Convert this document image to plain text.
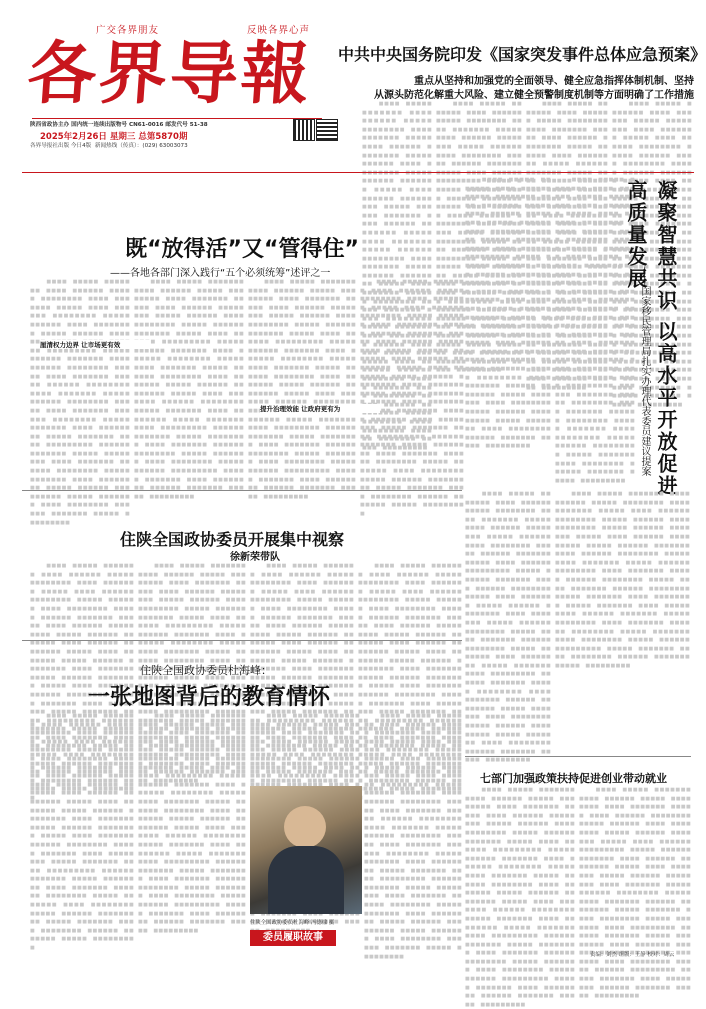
广交各界朋友	反映各界心声
各界导報
陕西省政协主办 国内统一连续出版物号 CN61-0016 邮发代号 51-38
2025年2月26日 星期三 总第5870期
各界导报社出版 今日4版 新闻热线（传真）：(029) 63003073
中共中央国务院印发《国家突发事件总体应急预案》
重点从坚持和加强党的全面领导、健全应急指挥体制机制、坚持
从源头防范化解重大风险、建立健全预警制度机制等方面明确了工作措施
　　　■■■■　■■■■■　■■■■■■■　■■■■　■■■■■■　■■■■■　■■■■■■■■　■■■■　■■■■■■■　■■■■■　■■■■　■■■■■■　■■■■■■■■　■■■■■　■■■■■■　■■■■　■■■■■■■■　■■■■■　■■■■■■　■■■■■■■　■■■■■　■■■■　■■■■■■　■■■■■■■■■　■■■■■　■■■■■■　■■■■■■■　■■■■　■■■■■■　■■■■■■■■　■■■■■　■■■■　■■■■■■■　■■■■■　■■■■■■　■■■■■■■■　■■■■　■■■■■■■　■■■■■　■■■■■■　■■■■■■■■　■■■■■　■■■■　■■■■■■■　■■■■■■　■■■■■■■■　■■■■■　■■■■■■■　■■■■　■■■■■■■■　■■■■■　■■■■■■■　■■■■　■■■■■■■■■　■■■■■■　■■■■■■■　■■■■■　■■■■■■■■　■■■■　■■■■■■■　■■■■■■　■■■■■■■■　■■■■■　■■■■■■■　■■■■　■■■■■■■■　■■■■■　■■■■■■　■■■■■■■■■　■■■■■　■■■■■■■　■■■■　■■■■■■■■　■■■■■■　■■■■■■■　■■■■■　■■■■■■■■■
　　　■■■■　■■■■■　■■■■■■■　■■■■　■■■■■■　■■■■■　■■■■■■■■　■■■■　■■■■■■■　■■■■■　■■■■　■■■■■■　■■■■■■■■　■■■■■　■■■■■■　■■■■　■■■■■■■■　■■■■■　■■■■■■　■■■■■■■　■■■■■　■■■■　■■■■■■　■■■■■■■■■　■■■■■　■■■■■■　■■■■■■■　■■■■　■■■■■■　■■■■■■■■　■■■■■　■■■■　■■■■■■■　■■■■■　■■■■■■　■■■■■■■■　■■■■　■■■■■■■　■■■■■　■■■■■■　■■■■■■■■　■■■■■　■■■■　■■■■■■■　■■■■■■　■■■■■■■■　■■■■■　■■■■■■■　■■■■　■■■■■■■■　■■■■■　■■■■■■■　■■■■　■■■■■■■■■　■■■■■■　■■■■■■■　■■■■■　■■■■■■■■　■■■■　■■■■■■■　■■■■■■　■■■■■■■■　■■■■■　■■■■■■■　■■■■　■■■■■■■■　■■■■■　■■■■■■　■■■■■■■■■　■■■■■　■■■■■■■　■■■■　■■■■■■■■　■■■■■■　■■■■■■■　■■■■■　■■■■■■■■■
　　　■■■■　■■■■■　■■■■■■■　■■■■　■■■■■■　■■■■■　■■■■■■■■　■■■■　■■■■■■■　■■■■■　■■■■　■■■■■■　■■■■■■■■　■■■■■　■■■■■■　■■■■　■■■■■■■■　■■■■■　■■■■■■　■■■■■■■　■■■■■　■■■■　■■■■■■　■■■■■■■■■　■■■■■　■■■■■■　■■■■■■■　■■■■　■■■■■■　■■■■■■■■　■■■■■　■■■■　■■■■■■■　■■■■■　■■■■■■　■■■■■■■■　■■■■　■■■■■■■　■■■■■　■■■■■■　■■■■■■■■　■■■■■　■■■■　■■■■■■■　■■■■■■　■■■■■■■■　■■■■■　■■■■■■■　■■■■　■■■■■■■■　■■■■■　■■■■■■■　■■■■　■■■■■■■■■　■■■■■■　■■■■■■■　■■■■■　■■■■■■■■　■■■■　■■■■■■■　■■■■■■　■■■■■■■■　■■■■■　■■■■■■■　■■■■　■■■■■■■■　■■■■■　■■■■■■　■■■■■■■■■　■■■■■　■■■■■■■　■■■■　■■■■■■■■　■■■■■■　■■■■■■■　■■■■■　■■■■■■■■■
　　　■■■■　■■■■■　■■■■■■■　■■■■　■■■■■■　■■■■■　■■■■■■■■　■■■■　■■■■■■■　■■■■■　■■■■　■■■■■■　■■■■■■■■　■■■■■　■■■■■■　■■■■　■■■■■■■■　■■■■■　■■■■■■　■■■■■■■　■■■■■　■■■■　■■■■■■　■■■■■■■■■　■■■■■　■■■■■■　■■■■■■■　■■■■　■■■■■■　■■■■■■■■　■■■■■　■■■■　■■■■■■■　■■■■■　■■■■■■　■■■■■■■■　■■■■　■■■■■■■　■■■■■　■■■■■■　■■■■■■■■　■■■■■　■■■■　■■■■■■■　■■■■■■　■■■■■■■■　■■■■■　■■■■■■■　■■■■　■■■■■■■■　■■■■■　■■■■■■■　■■■■　■■■■■■■■■　■■■■■■　■■■■■■■　■■■■■　■■■■■■■■　■■■■　■■■■■■■　■■■■■■　■■■■■■■■　■■■■■　■■■■■■■　■■■■　■■■■■■■■　■■■■■　■■■■■■　■■■■■■■■■　■■■■■　■■■■■■■　■■■■　■■■■■■■■　■■■■■■　■■■■■■■　■■■■■　■■■■■■■■■
既“放得活”又“管得住”
——各地各部门深入践行“五个必须统筹”述评之一
　　　■■■■　■■■■■　■■■■■■■　■■■■　■■■■■■　■■■■■　■■■■■■■■　■■■■　■■■■■■■　■■■■■　■■■■　■■■■■■　■■■■■■■■　■■■■■　■■■■■■　■■■■　■■■■■■■■　■■■■■　■■■■■■　■■■■■■■　■■■■■　■■■■　■■■■■■　■■■■■■■■■　■■■■■　■■■■■■　■■■■■■■　■■■■　■■■■■■　■■■■■■■■　■■■■■　■■■■　■■■■■■■　■■■■■　■■■■■■　■■■■■■■■　■■■■　■■■■■■■　■■■■■　■■■■■■　■■■■■■■■　■■■■■　■■■■　■■■■■■■　■■■■■■　■■■■■■■■　■■■■■　■■■■■■■　■■■■　■■■■■■■■　■■■■■　■■■■■■■　■■■■　■■■■■■■■■　■■■■■■　■■■■■■■　■■■■■　■■■■■■■■　■■■■　■■■■■■■　■■■■■■　■■■■■■■■　■■■■■　■■■■■■■　■■■■　■■■■■■■■　■■■■■　■■■■■■　■■■■■■■■■　■■■■■　■■■■■■■　■■■■　■■■■■■■■　■■■■■■　■■■■■■■　■■■■■　■■■■■■■■■
　　　■■■■　■■■■■　■■■■■■■　■■■■　■■■■■■　■■■■■　■■■■■■■■　■■■■　■■■■■■■　■■■■■　■■■■　■■■■■■　■■■■■■■■　■■■■■　■■■■■■　■■■■　■■■■■■■■　■■■■■　■■■■■■　■■■■■■■　■■■■■　■■■■　■■■■■■　■■■■■■■■■　■■■■■　■■■■■■　■■■■■■■　■■■■　■■■■■■　■■■■■■■■　■■■■■　■■■■　■■■■■■■　■■■■■　■■■■■■　■■■■■■■■　■■■■　■■■■■■■　■■■■■　■■■■■■　■■■■■■■■　■■■■■　■■■■　■■■■■■■　■■■■■■　■■■■■■■■　■■■■■　■■■■■■■　■■■■　■■■■■■■■　■■■■■　■■■■■■■　■■■■　■■■■■■■■■　■■■■■■　■■■■■■■　■■■■■　■■■■■■■■　■■■■　■■■■■■■　■■■■■■　■■■■■■■■　■■■■■　■■■■■■■　■■■■　■■■■■■■■　■■■■■　■■■■■■　■■■■■■■■■　■■■■■　■■■■■■■　■■■■　■■■■■■■■　■■■■■■　■■■■■■■　■■■■■　■■■■■■■■■
　　　■■■■　■■■■■　■■■■■■■　■■■■　■■■■■■　■■■■■　■■■■■■■■　■■■■　■■■■■■■　■■■■■　■■■■　■■■■■■　■■■■■■■■　■■■■■　■■■■■■　■■■■　■■■■■■■■　■■■■■　■■■■■■　■■■■■■■　■■■■■　■■■■　■■■■■■　■■■■■■■■■　■■■■■　■■■■■■　■■■■■■■　■■■■　■■■■■■　■■■■■■■■　■■■■■　■■■■　■■■■■■■　■■■■■　■■■■■■　■■■■■■■■　■■■■　■■■■■■■　■■■■■　■■■■■■　■■■■■■■■　■■■■■　■■■■　■■■■■■■　■■■■■■　■■■■■■■■　■■■■■　■■■■■■■　■■■■　■■■■■■■■　■■■■■　■■■■■■■　■■■■　■■■■■■■■■　■■■■■■　■■■■■■■　■■■■■　■■■■■■■■　■■■■　■■■■■■■　■■■■■■　■■■■■■■■　■■■■■　■■■■■■■　■■■■　■■■■■■■■　■■■■■　■■■■■■　■■■■■■■■■　■■■■■　■■■■■■■　■■■■　■■■■■■■■　■■■■■■　■■■■■■■　■■■■■　■■■■■■■■■
　　　■■■■　■■■■■　■■■■■■■　■■■■　■■■■■■　■■■■■　■■■■■■■■　■■■■　■■■■■■■　■■■■■　■■■■　■■■■■■　■■■■■■■■　■■■■■　■■■■■■　■■■■　■■■■■■■■　■■■■■　■■■■■■　■■■■■■■　■■■■■　■■■■　■■■■■■　■■■■■■■■■　■■■■■　■■■■■■　■■■■■■■　■■■■　■■■■■■　■■■■■■■■　■■■■■　■■■■　■■■■■■■　■■■■■　■■■■■■　■■■■■■■■　■■■■　■■■■■■■　■■■■■　■■■■■■　■■■■■■■■　■■■■■　■■■■　■■■■■■■　■■■■■■　■■■■■■■■　■■■■■　■■■■■■■　■■■■　■■■■■■■■　■■■■■　■■■■■■■　■■■■　■■■■■■■■■　■■■■■■　■■■■■■■　■■■■■　■■■■■■■■　■■■■　■■■■■■■　■■■■■■　■■■■■■■■　■■■■■　■■■■■■■　■■■■　■■■■■■■■　■■■■■　■■■■■■　■■■■■■■■■　■■■■■　■■■■■■■　■■■■　■■■■■■■■　■■■■■■　■■■■■■■　■■■■■　■■■■■■■■■
提升治理效能 让政府更有为
厘清权力边界 让市场更有效 　　　■■■■　■■■■■　■■■■■■■　■■■■　■■■■■■　■■■■■　■■■■■■■■　■■■■　■■■■■■■　■■■■■　■■■■　■■■■■■　■■■■■■■■　■■■■■　■■■■■■　■■■■　■■■■■■■■　■■■■■　■■■■■■　■■■■■■■　■■■■■　■■■■　■■■■■■　■■■■■■■■■　■■■■■　■■■■■■　■■■■■■■　■■■■　■■■■■■　■■■■■■■■　■■■■■　■■■■　■■■■■■■　■■■■■　■■■■■■　■■■■■■■■　■■■■　■■■■■■■　■■■■■　■■■■■■　■■■■■■■■　■■■■■　■■■■　■■■■■■■　■■■■■■　■■■■■■■■　■■■■■　■■■■■■■　■■■■　■■■■■■■■　■■■■■　■■■■■■■　■■■■　■■■■■■■■■　■■■■■■　■■■■■■■　■■■■■　■■■■■■■■　■■■■　■■■■■■■　■■■■■■　■■■■■■■■　■■■■■　■■■■■■■　■■■■　■■■■■■■■　■■■■■　■■■■■■　■■■■■■■■■　■■■■■　■■■■■■■　■■■■　■■■■■■■■　■■■■■■　■■■■■■■　■■■■■　■■■■■■■■■ 　　　■■■■　■■■■■　■■■■■■■　■■■■　■■■■■■　■■■■■　■■■■■■■■　■■■■　■■■■■■■　■■■■■　■■■■　■■■■■■　■■■■■■■■　■■■■■　■■■■■■　■■■■　■■■■■■■■　■■■■■　■■■■■■　■■■■■■■　■■■■■　■■■■　■■■■■■　■■■■■■■■■　■■■■■　■■■■■■　■■■■■■■　■■■■　■■■■■■　■■■■■■■■　■■■■■　■■■■　■■■■■■■　■■■■■　■■■■■■　■■■■■■■■　■■■■　■■■■■■■　■■■■■　■■■■■■　■■■■■■■■　■■■■■　■■■■　■■■■■■■　■■■■■■　■■■■■■■■　■■■■■　■■■■■■■　■■■■　■■■■■■■■　■■■■■　■■■■■■■　■■■■　■■■■■■■■■　■■■■■■　■■■■■■■　■■■■■　■■■■■■■■　■■■■　■■■■■■■　■■■■■■　■■■■■■■■　■■■■■　■■■■■■■　■■■■　■■■■■■■■　■■■■■　■■■■■■　■■■■■■■■■　■■■■■　■■■■■■■　■■■■　■■■■■■■■　■■■■■■　■■■■■■■　■■■■■　■■■■■■■■■	凝聚智慧共识 以高水平开放促进高质量发展
——国家移民管理局扎实办理代表委员建议提案
　　　■■■■　■■■■■　■■■■■■■　■■■■　■■■■■■　■■■■■　■■■■■■■■　■■■■　■■■■■■■　■■■■■　■■■■　■■■■■■　■■■■■■■■　■■■■■　■■■■■■　■■■■　■■■■■■■■　■■■■■　■■■■■■　■■■■■■■　■■■■■　■■■■　■■■■■■　■■■■■■■■■　■■■■■　■■■■■■　■■■■■■■　■■■■　■■■■■■　■■■■■■■■　■■■■■　■■■■　■■■■■■■　■■■■■　■■■■■■　■■■■■■■■　■■■■　■■■■■■■　■■■■■　■■■■■■　■■■■■■■■　■■■■■　■■■■　■■■■■■■　■■■■■■　■■■■■■■■　■■■■■　■■■■■■■　■■■■　■■■■■■■■　■■■■■　■■■■■■■　■■■■　■■■■■■■■■　■■■■■■　■■■■■■■　■■■■■　■■■■■■■■　■■■■　■■■■■■■　■■■■■■　■■■■■■■■　■■■■■　■■■■■■■　■■■■　■■■■■■■■　■■■■■　■■■■■■　■■■■■■■■■　■■■■■　■■■■■■■　■■■■　■■■■■■■■　■■■■■■　■■■■■■■　■■■■■　■■■■■■■■■
　　　■■■■　■■■■■　■■■■■■■　■■■■　■■■■■■　■■■■■　■■■■■■■■　■■■■　■■■■■■■　■■■■■　■■■■　■■■■■■　■■■■■■■■　■■■■■　■■■■■■　■■■■　■■■■■■■■　■■■■■　■■■■■■　■■■■■■■　■■■■■　■■■■　■■■■■■　■■■■■■■■■　■■■■■　■■■■■■　■■■■■■■　■■■■　■■■■■■　■■■■■■■■　■■■■■　■■■■　■■■■■■■　■■■■■　■■■■■■　■■■■■■■■　■■■■　■■■■■■■　■■■■■　■■■■■■　■■■■■■■■　■■■■■　■■■■　■■■■■■■　■■■■■■　■■■■■■■■　■■■■■　■■■■■■■　■■■■　■■■■■■■■　■■■■■　■■■■■■■　■■■■　■■■■■■■■■　■■■■■■　■■■■■■■　■■■■■　■■■■■■■■　■■■■　■■■■■■■　■■■■■■　■■■■■■■■　■■■■■　■■■■■■■　■■■■　■■■■■■■■　■■■■■　■■■■■■　■■■■■■■■■　■■■■■　■■■■■■■　■■■■　■■■■■■■■　■■■■■■　■■■■■■■　■■■■■　■■■■■■■■■
住陕全国政协委员开展集中视察
徐新荣带队
　　　■■■■　■■■■■　■■■■■■■　■■■■　■■■■■■　■■■■■　■■■■■■■■　■■■■　■■■■■■■　■■■■■　■■■■　■■■■■■　■■■■■■■■　■■■■■　■■■■■■　■■■■　■■■■■■■■　■■■■■　■■■■■■　■■■■■■■　■■■■■　■■■■　■■■■■■　■■■■■■■■■　■■■■■　■■■■■■　■■■■■■■　■■■■　■■■■■■　■■■■■■■■　■■■■■　■■■■　■■■■■■■　■■■■■　■■■■■■　■■■■■■■■　■■■■　■■■■■■■　■■■■■　■■■■■■　■■■■■■■■　■■■■■　■■■■　■■■■■■■　■■■■■■　■■■■■■■■　■■■■■　■■■■■■■　■■■■　■■■■■■■■　■■■■■　■■■■■■■　■■■■　■■■■■■■■■　■■■■■■　■■■■■■■　■■■■■　■■■■■■■■　■■■■　■■■■■■■　■■■■■■　■■■■■■■■　■■■■■　■■■■■■■　■■■■　■■■■■■■■　■■■■■　■■■■■■　■■■■■■■■■　■■■■■　■■■■■■■　■■■■　■■■■■■■■　■■■■■■　■■■■■■■　■■■■■　■■■■■■■■■
　　　■■■■　■■■■■　■■■■■■■　■■■■　■■■■■■　■■■■■　■■■■■■■■　■■■■　■■■■■■■　■■■■■　■■■■　■■■■■■　■■■■■■■■　■■■■■　■■■■■■　■■■■　■■■■■■■■　■■■■■　■■■■■■　■■■■■■■　■■■■■　■■■■　■■■■■■　■■■■■■■■■　■■■■■　■■■■■■　■■■■■■■　■■■■　■■■■■■　■■■■■■■■　■■■■■　■■■■　■■■■■■■　■■■■■　■■■■■■　■■■■■■■■　■■■■　■■■■■■■　■■■■■　■■■■■■　■■■■■■■■　■■■■■　■■■■　■■■■■■■　■■■■■■　■■■■■■■■　■■■■■　■■■■■■■　■■■■　■■■■■■■■　■■■■■　■■■■■■■　■■■■　■■■■■■■■■　■■■■■■　■■■■■■■　■■■■■　■■■■■■■■　■■■■　■■■■■■■　■■■■■■　■■■■■■■■　■■■■■　■■■■■■■　■■■■　■■■■■■■■　■■■■■　■■■■■■　■■■■■■■■■　■■■■■　■■■■■■■　■■■■　■■■■■■■■　■■■■■■　■■■■■■■　■■■■■　■■■■■■■■■
　　　■■■■　■■■■■　■■■■■■■　■■■■　■■■■■■　■■■■■　■■■■■■■■　■■■■　■■■■■■■　■■■■■　■■■■　■■■■■■　■■■■■■■■　■■■■■　■■■■■■　■■■■　■■■■■■■■　■■■■■　■■■■■■　■■■■■■■　■■■■■　■■■■　■■■■■■　■■■■■■■■■　■■■■■　■■■■■■　■■■■■■■　■■■■　■■■■■■　■■■■■■■■　■■■■■　■■■■　■■■■■■■　■■■■■　■■■■■■　■■■■■■■■　■■■■　■■■■■■■　■■■■■　■■■■■■　■■■■■■■■　■■■■■　■■■■　■■■■■■■　■■■■■■　■■■■■■■■　■■■■■　■■■■■■■　■■■■　■■■■■■■■　■■■■■　■■■■■■■　■■■■　■■■■■■■■■　■■■■■■　■■■■■■■　■■■■■　■■■■■■■■　■■■■　■■■■■■■　■■■■■■　■■■■■■■■　■■■■■　■■■■■■■　■■■■　■■■■■■■■　■■■■■　■■■■■■　■■■■■■■■■　■■■■■　■■■■■■■　■■■■　■■■■■■■■　■■■■■■　■■■■■■■　■■■■■　■■■■■■■■■
　　　■■■■　■■■■■　■■■■■■■　■■■■　■■■■■■　■■■■■　■■■■■■■■　■■■■　■■■■■■■　■■■■■　■■■■　■■■■■■　■■■■■■■■　■■■■■　■■■■■■　■■■■　■■■■■■■■　■■■■■　■■■■■■　■■■■■■■　■■■■■　■■■■　■■■■■■　■■■■■■■■■　■■■■■　■■■■■■　■■■■■■■　■■■■　■■■■■■　■■■■■■■■　■■■■■　■■■■　■■■■■■■　■■■■■　■■■■■■　■■■■■■■■　■■■■　■■■■■■■　■■■■■　■■■■■■　■■■■■■■■　■■■■■　■■■■　■■■■■■■　■■■■■■　■■■■■■■■　■■■■■　■■■■■■■　■■■■　■■■■■■■■　■■■■■　■■■■■■■　■■■■　■■■■■■■■■　■■■■■■　■■■■■■■　■■■■■　■■■■■■■■　■■■■　■■■■■■■　■■■■■■　■■■■■■■■　■■■■■　■■■■■■■　■■■■　■■■■■■■■　■■■■■　■■■■■■　■■■■■■■■■　■■■■■　■■■■■■■　■■■■　■■■■■■■■　■■■■■■　■■■■■■■　■■■■■　■■■■■■■■■
住陕全国政协委员杜海峰：
一张地图背后的教育情怀
　　　■■■■　■■■■■　■■■■■■■　■■■■　■■■■■■　■■■■■　■■■■■■■■　■■■■　■■■■■■■　■■■■■　■■■■　■■■■■■　■■■■■■■■　■■■■■　■■■■■■　■■■■　■■■■■■■■　■■■■■　■■■■■■　■■■■■■■　■■■■■　■■■■　■■■■■■　■■■■■■■■■　■■■■■　■■■■■■　■■■■■■■　■■■■　■■■■■■　■■■■■■■■　■■■■■　■■■■　■■■■■■■　■■■■■　■■■■■■　■■■■■■■■　■■■■　■■■■■■■　■■■■■　■■■■■■　■■■■■■■■　■■■■■　■■■■　■■■■■■■　■■■■■■　■■■■■■■■　■■■■■　■■■■■■■　■■■■　■■■■■■■■　■■■■■　■■■■■■■　■■■■　■■■■■■■■■　■■■■■■　■■■■■■■　■■■■■　■■■■■■■■　■■■■　■■■■■■■　■■■■■■　■■■■■■■■　■■■■■　■■■■■■■　■■■■　■■■■■■■■　■■■■■　■■■■■■　■■■■■■■■■　■■■■■　■■■■■■■　■■■■　■■■■■■■■　■■■■■■　■■■■■■■　■■■■■　■■■■■■■■■
　　　■■■■　■■■■■　■■■■■■■　■■■■　■■■■■■　■■■■■　■■■■■■■■　■■■■　■■■■■■■　■■■■■　■■■■　■■■■■■　■■■■■■■■　■■■■■　■■■■■■　■■■■　■■■■■■■■　■■■■■　■■■■■■　■■■■■■■　■■■■■　■■■■　■■■■■■　■■■■■■■■■　■■■■■　■■■■■■　■■■■■■■　■■■■　■■■■■■　■■■■■■■■　■■■■■　■■■■　■■■■■■■　■■■■■　■■■■■■　■■■■■■■■　■■■■　■■■■■■■　■■■■■　■■■■■■　■■■■■■■■　■■■■■　■■■■　■■■■■■■　■■■■■■　■■■■■■■■　■■■■■　■■■■■■■　■■■■　■■■■■■■■　■■■■■　■■■■■■■　■■■■　■■■■■■■■■　■■■■■■　■■■■■■■　■■■■■　■■■■■■■■　■■■■　■■■■■■■　■■■■■■　■■■■■■■■　■■■■■　■■■■■■■　■■■■　■■■■■■■■　■■■■■　■■■■■■　■■■■■■■■■　■■■■■　■■■■■■■　■■■■　■■■■■■■■　■■■■■■　■■■■■■■　■■■■■　■■■■■■■■■
　　　■■■■　■■■■■　■■■■■■■　■■■■　■■■■■■　■■■■■　■■■■■■■■　■■■■　■■■■■■■　■■■■■　■■■■　■■■■■■　■■■■■■■■　■■■■■　■■■■■■　■■■■　■■■■■■■■　■■■■■　■■■■■■　■■■■■■■　■■■■■　■■■■　■■■■■■　■■■■■■■■■　■■■■■　■■■■■■　■■■■■■■　■■■■　■■■■■■　■■■■■■■■　■■■■■　■■■■　■■■■■■■　■■■■■　■■■■■■　■■■■■■■■　■■■■　■■■■■■■　■■■■■　■■■■■■　■■■■■■■■　■■■■■　■■■■　■■■■■■■　■■■■■■　■■■■■■■■　■■■■■　■■■■■■■　■■■■　■■■■■■■■　■■■■■　■■■■■■■　■■■■　■■■■■■■■■　■■■■■■　■■■■■■■　■■■■■　■■■■■■■■　■■■■　■■■■■■■　■■■■■■　■■■■■■■■　■■■■■　■■■■■■■　■■■■　■■■■■■■■　■■■■■　■■■■■■　■■■■■■■■■　■■■■■　■■■■■■■　■■■■　■■■■■■■■　■■■■■■　■■■■■■■　■■■■■　■■■■■■■■■
　　　■■■■　■■■■■　■■■■■■■　■■■■　■■■■■■　■■■■■　■■■■■■■■　■■■■　■■■■■■■　■■■■■　■■■■　■■■■■■　■■■■■■■■　■■■■■　■■■■■■　■■■■　■■■■■■■■　■■■■■　■■■■■■　■■■■■■■　■■■■■　■■■■　■■■■■■　■■■■■■■■■　■■■■■　■■■■■■　■■■■■■■　■■■■　■■■■■■　■■■■■■■■　■■■■■　■■■■　■■■■■■■　■■■■■　■■■■■■　■■■■■■■■　■■■■　■■■■■■■　■■■■■　■■■■■■　■■■■■■■■　■■■■■　■■■■　■■■■■■■　■■■■■■　■■■■■■■■　■■■■■　■■■■■■■　■■■■　■■■■■■■■　■■■■■　■■■■■■■　■■■■　■■■■■■■■■　■■■■■■　■■■■■■■　■■■■■　■■■■■■■■　■■■■　■■■■■■■　■■■■■■　■■■■■■■■　■■■■■　■■■■■■■　■■■■　■■■■■■■■　■■■■■　■■■■■■　■■■■■■■■■　■■■■■　■■■■■■■　■■■■　■■■■■■■■　■■■■■■　■■■■■■■　■■■■■　■■■■■■■■■
住陕全国政协委员杜海峰 冯德棣 摄
委员履职故事
七部门加强政策扶持促进创业带动就业
　　　■■■■　■■■■■　■■■■■■■　■■■■　■■■■■■　■■■■■　■■■■■■■■　■■■■　■■■■■■■　■■■■■　■■■■　■■■■■■　■■■■■■■■　■■■■■　■■■■■■　■■■■　■■■■■■■■　■■■■■　■■■■■■　■■■■■■■　■■■■■　■■■■　■■■■■■　■■■■■■■■■　■■■■■　■■■■■■　■■■■■■■　■■■■　■■■■■■　■■■■■■■■　■■■■■　■■■■　■■■■■■■　■■■■■　■■■■■■　■■■■■■■■　■■■■　■■■■■■■　■■■■■　■■■■■■　■■■■■■■■　■■■■■　■■■■　■■■■■■■　■■■■■■　■■■■■■■■　■■■■■　■■■■■■■　■■■■　■■■■■■■■　■■■■■　■■■■■■■　■■■■　■■■■■■■■■　■■■■■■　■■■■■■■　■■■■■　■■■■■■■■　■■■■　■■■■■■■　■■■■■■　■■■■■■■■　■■■■■　■■■■■■■　■■■■　■■■■■■■■　■■■■■　■■■■■■　■■■■■■■■■　■■■■■　■■■■■■■　■■■■　■■■■■■■■　■■■■■■　■■■■■■■　■■■■■　■■■■■■■■■
　　　■■■■　■■■■■　■■■■■■■　■■■■　■■■■■■　■■■■■　■■■■■■■■　■■■■　■■■■■■■　■■■■■　■■■■　■■■■■■　■■■■■■■■　■■■■■　■■■■■■　■■■■　■■■■■■■■　■■■■■　■■■■■■　■■■■■■■　■■■■■　■■■■　■■■■■■　■■■■■■■■■　■■■■■　■■■■■■　■■■■■■■　■■■■　■■■■■■　■■■■■■■■　■■■■■　■■■■　■■■■■■■　■■■■■　■■■■■■　■■■■■■■■　■■■■　■■■■■■■　■■■■■　■■■■■■　■■■■■■■■　■■■■■　■■■■　■■■■■■■　■■■■■■　■■■■■■■■　■■■■■　■■■■■■■　■■■■　■■■■■■■■　■■■■■　■■■■■■■　■■■■　■■■■■■■■■　■■■■■■　■■■■■■■　■■■■■　■■■■■■■■　■■■■　■■■■■■■　■■■■■■　■■■■■■■■　■■■■■　■■■■■■■　■■■■　■■■■■■■■　■■■■■　■■■■■■　■■■■■■■■■　■■■■■　■■■■■■■　■■■■　■■■■■■■■　■■■■■■　■■■■■■■　■■■■■　■■■■■■■■■
责编：刘杰 组版：王静 校对：周云
